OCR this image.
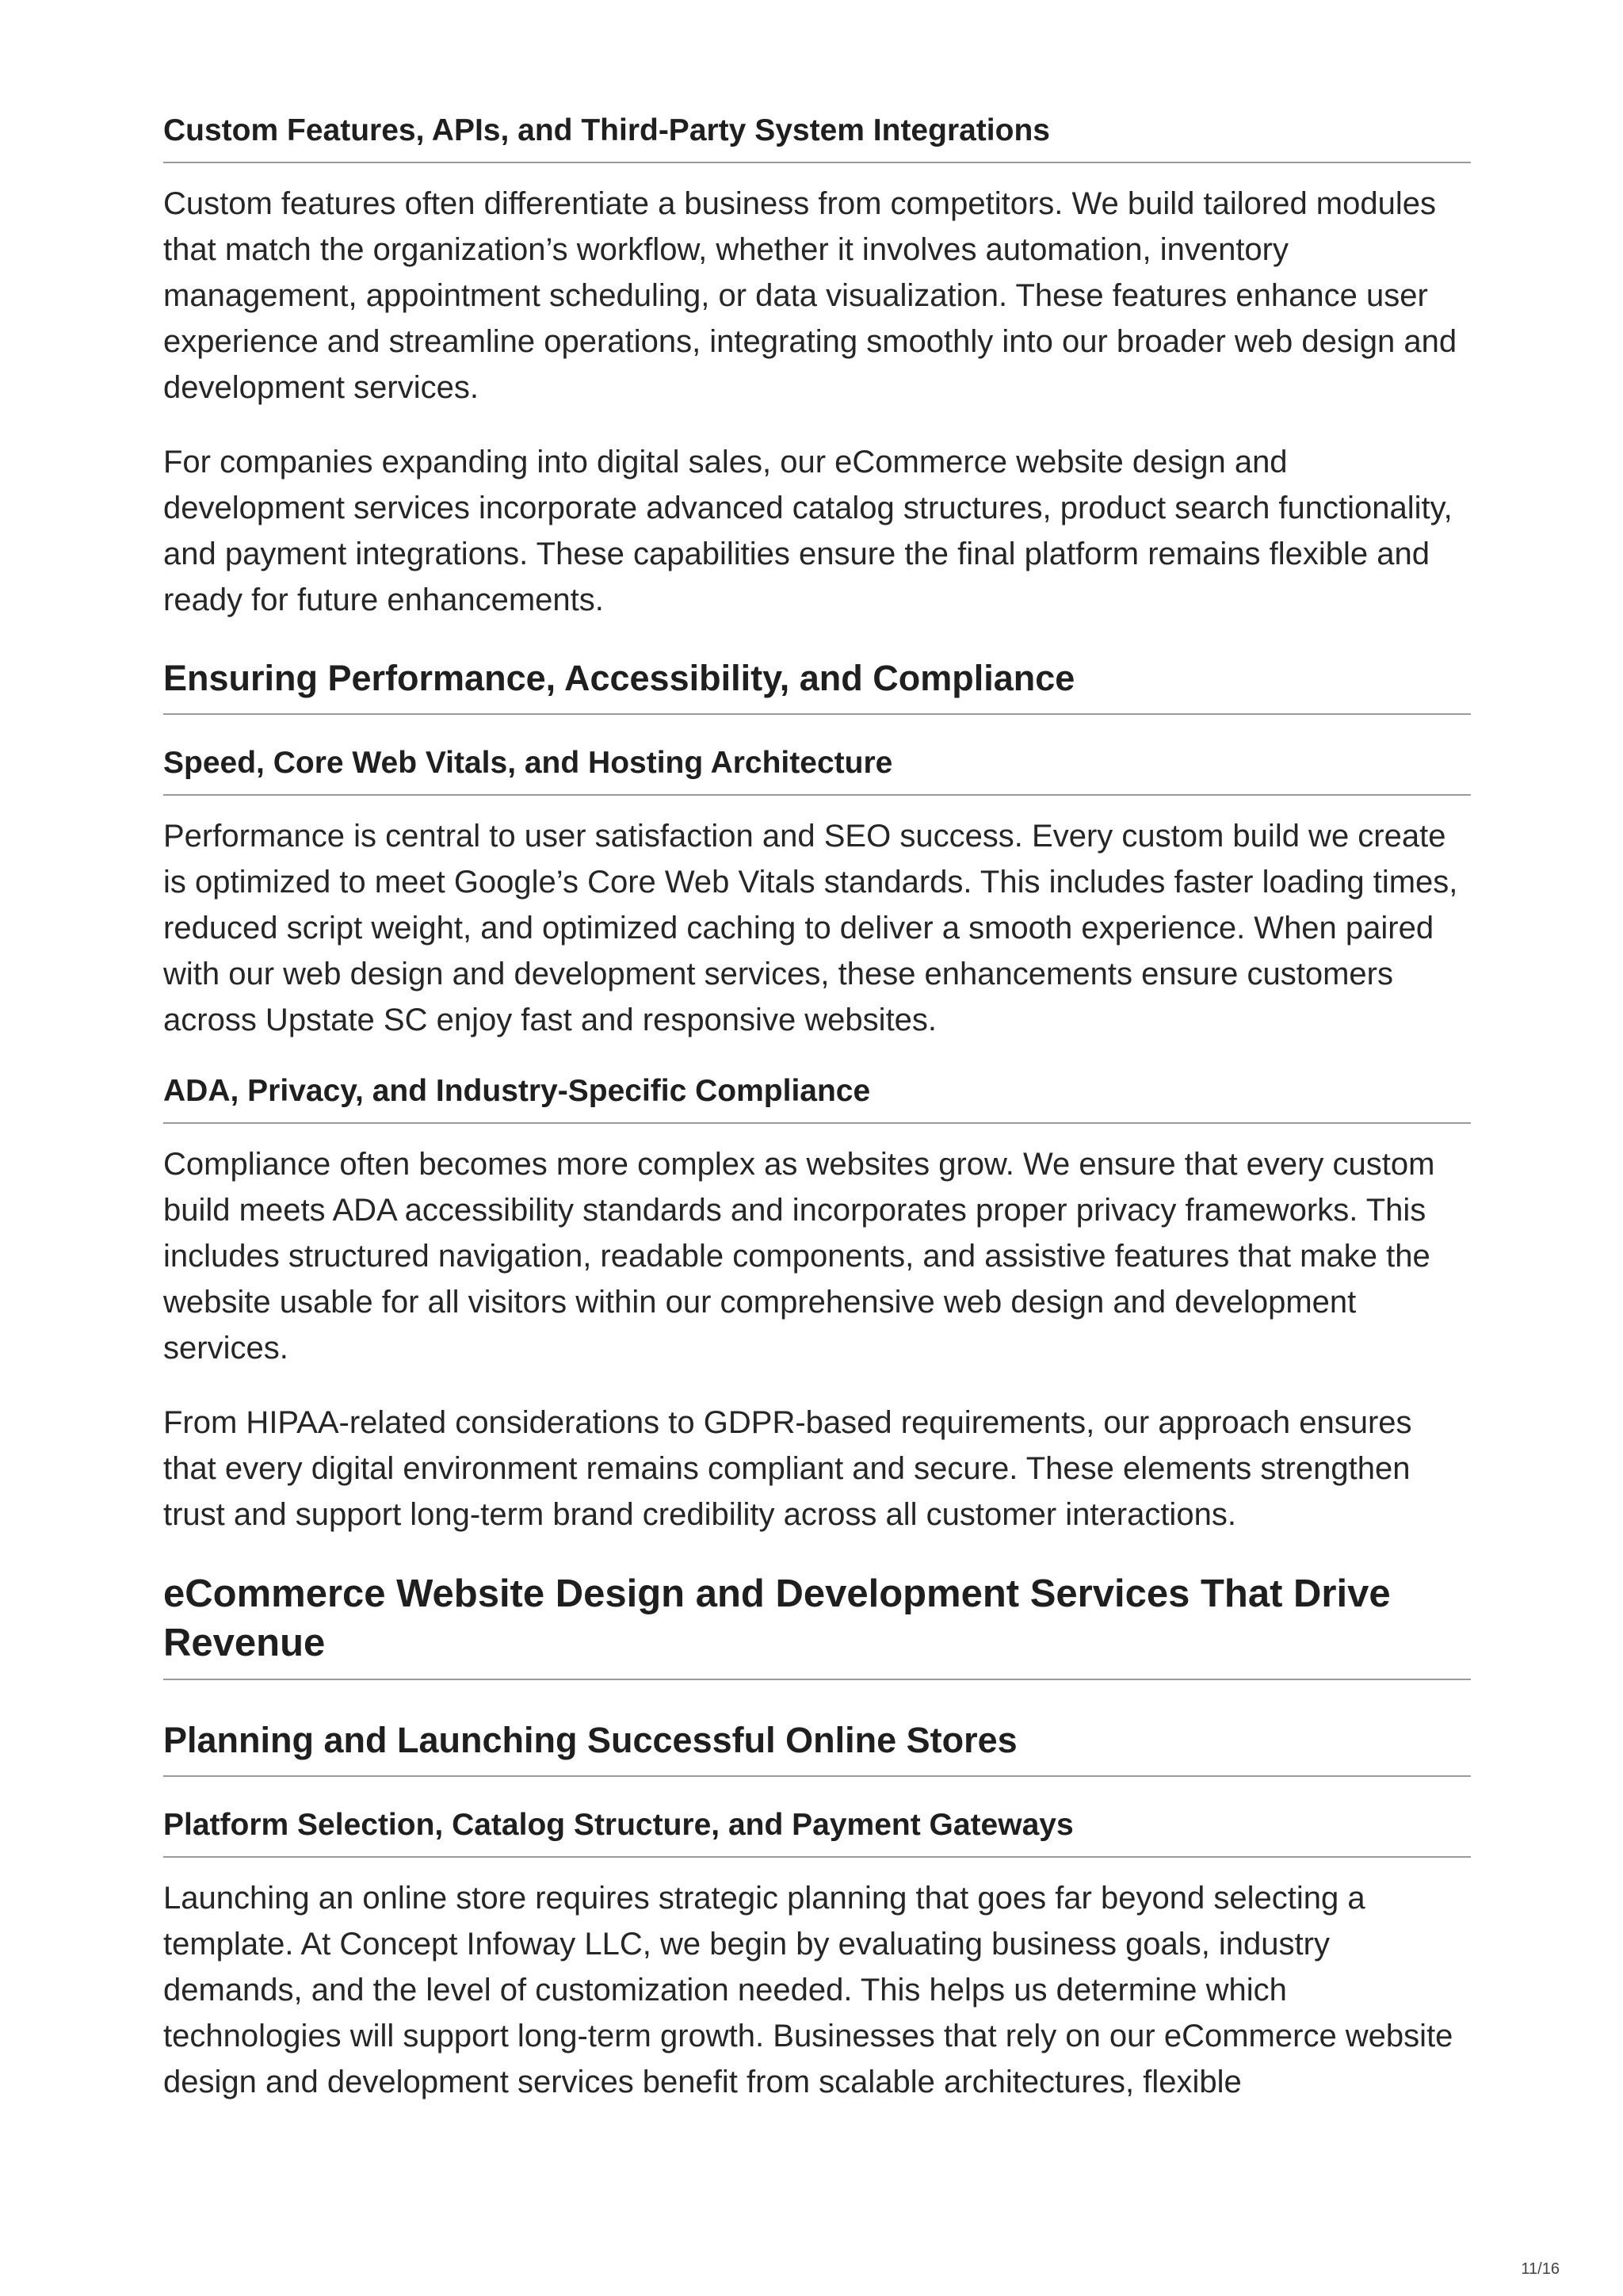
Custom Features, APIs, and Third-Party System Integrations

Custom features often differentiate a business from competitors. We build tailored modules that match the organization’s workflow, whether it involves automation, inventory management, appointment scheduling, or data visualization. These features enhance user experience and streamline operations, integrating smoothly into our broader web design and development services.

For companies expanding into digital sales, our eCommerce website design and development services incorporate advanced catalog structures, product search functionality, and payment integrations. These capabilities ensure the final platform remains flexible and ready for future enhancements.

Ensuring Performance, Accessibility, and Compliance
Speed, Core Web Vitals, and Hosting Architecture

Performance is central to user satisfaction and SEO success. Every custom build we create is optimized to meet Google’s Core Web Vitals standards. This includes faster loading times, reduced script weight, and optimized caching to deliver a smooth experience. When paired with our web design and development services, these enhancements ensure customers across Upstate SC enjoy fast and responsive websites.

ADA, Privacy, and Industry-Specific Compliance

Compliance often becomes more complex as websites grow. We ensure that every custom build meets ADA accessibility standards and incorporates proper privacy frameworks. This includes structured navigation, readable components, and assistive features that make the website usable for all visitors within our comprehensive web design and development services.

From HIPAA-related considerations to GDPR-based requirements, our approach ensures that every digital environment remains compliant and secure. These elements strengthen trust and support long-term brand credibility across all customer interactions.

eCommerce Website Design and Development Services That Drive Revenue
Planning and Launching Successful Online Stores
Platform Selection, Catalog Structure, and Payment Gateways

Launching an online store requires strategic planning that goes far beyond selecting a template. At Concept Infoway LLC, we begin by evaluating business goals, industry demands, and the level of customization needed. This helps us determine which technologies will support long-term growth. Businesses that rely on our eCommerce website design and development services benefit from scalable architectures, flexible

11/16
